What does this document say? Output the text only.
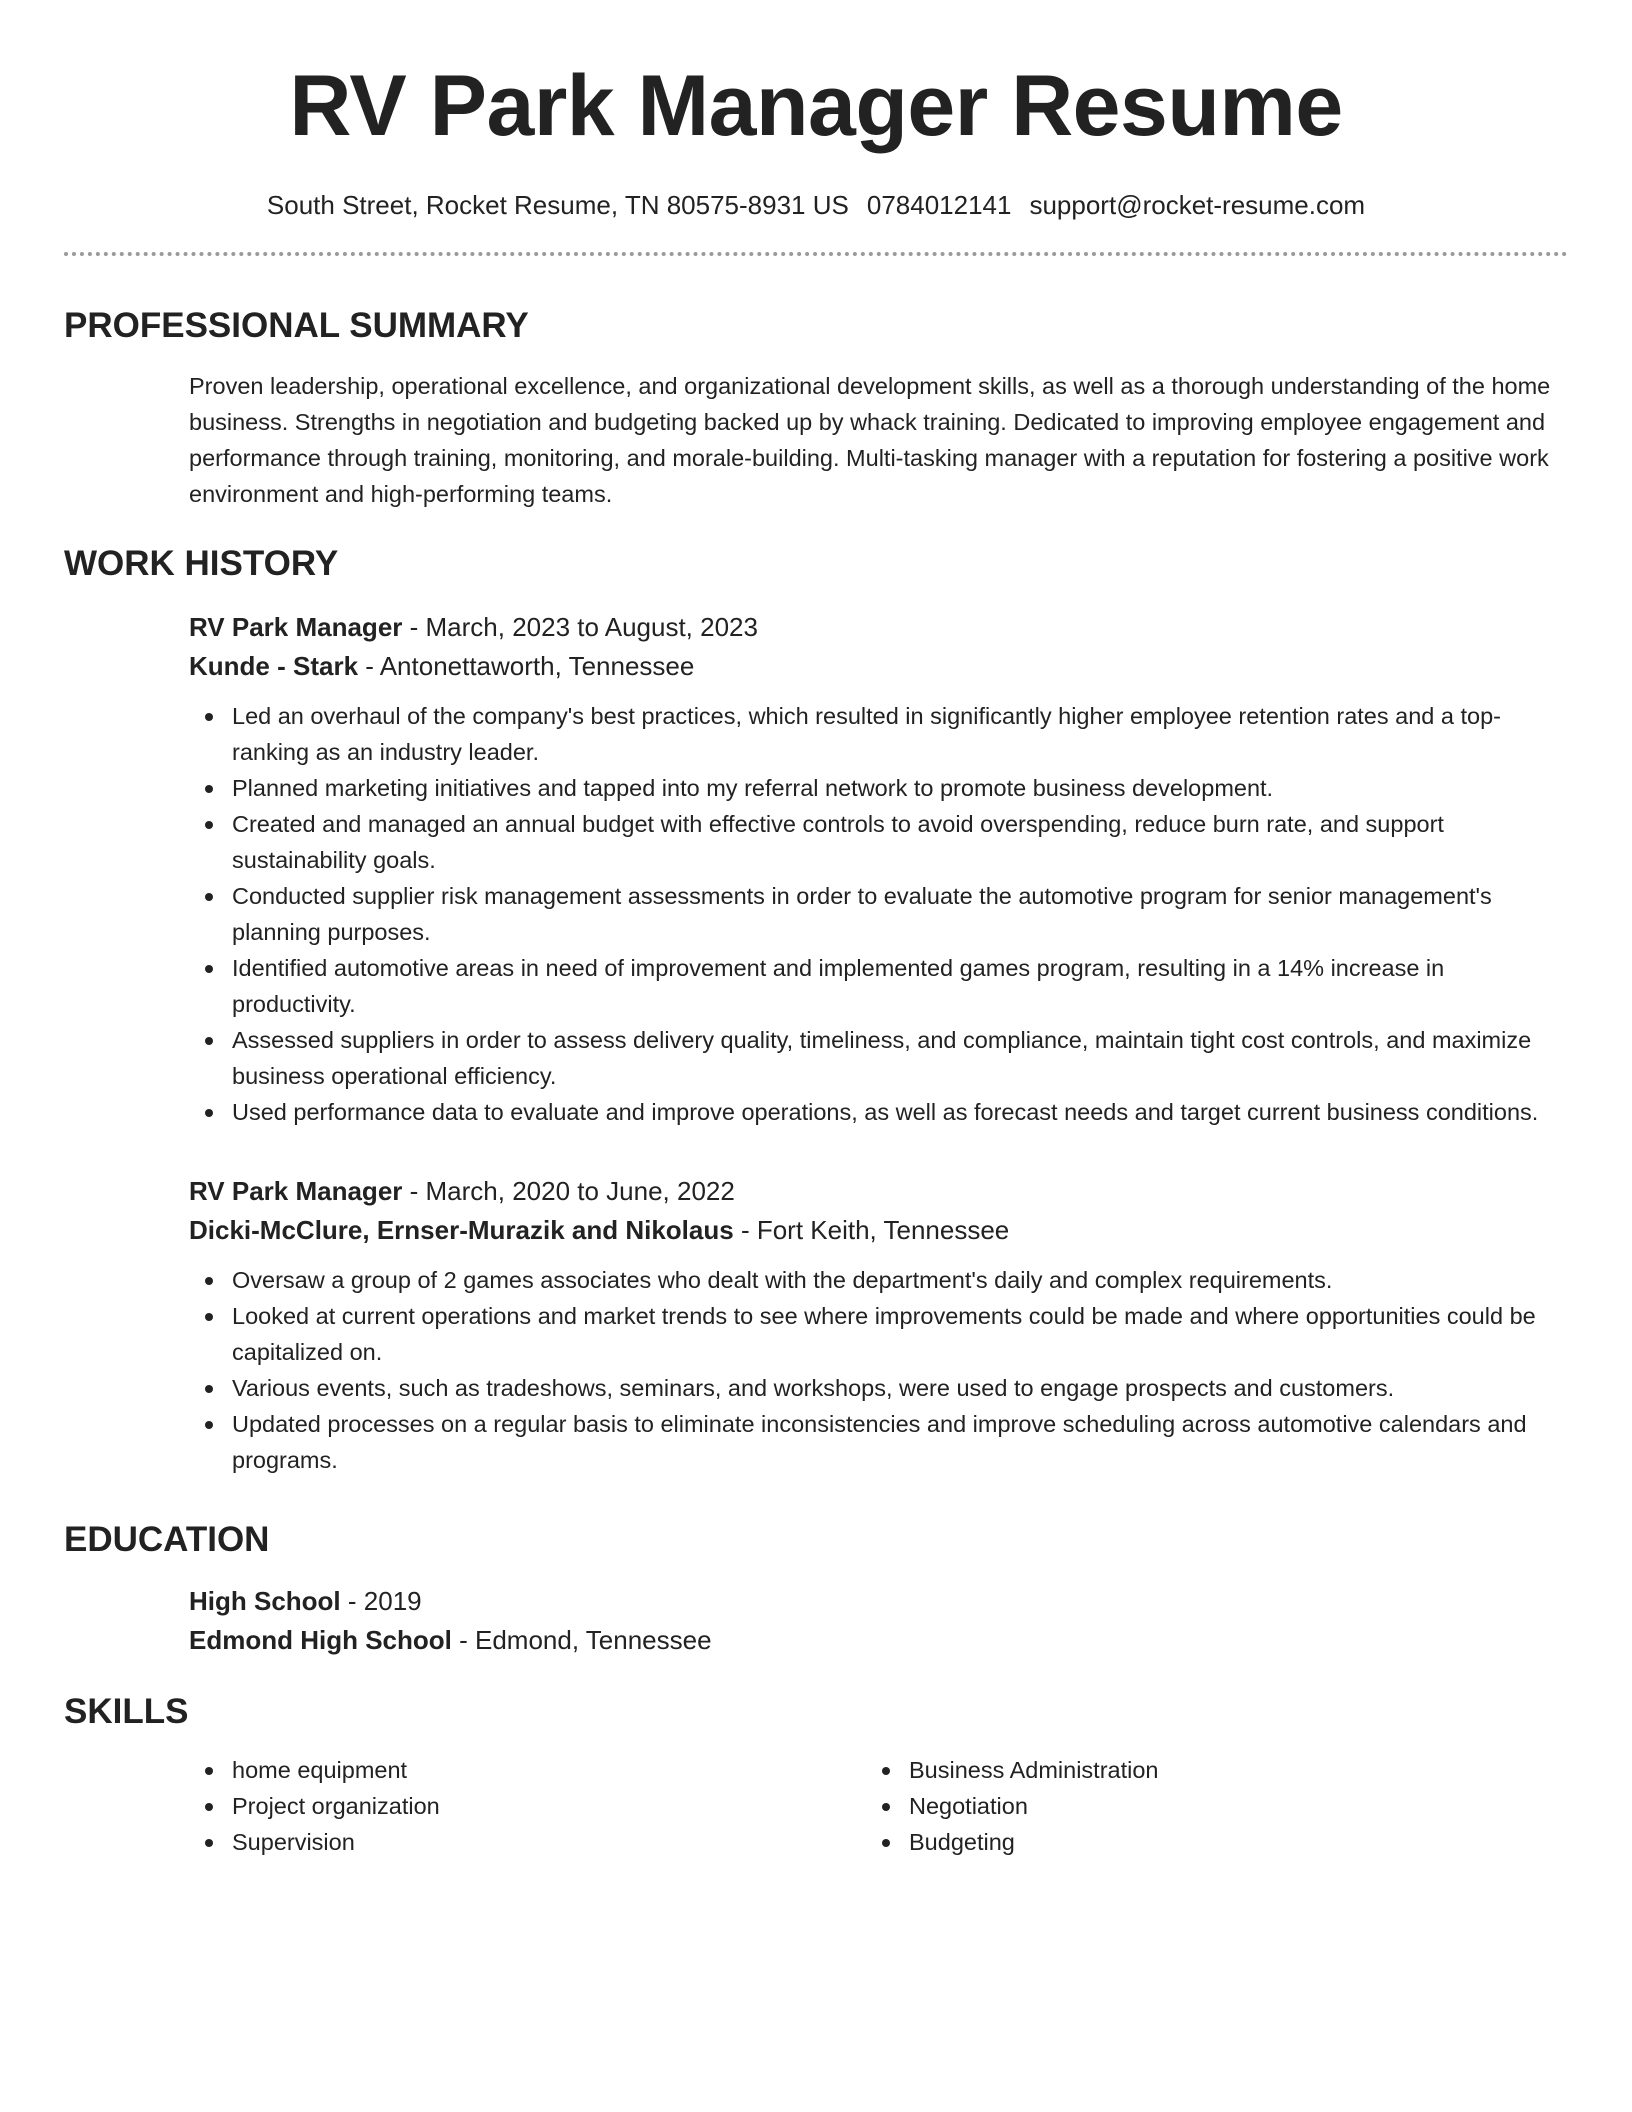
RV Park Manager Resume
South Street, Rocket Resume, TN 80575-8931 US 0784012141 support@rocket-resume.com
PROFESSIONAL SUMMARY
Proven leadership, operational excellence, and organizational development skills, as well as a thorough understanding of the home business. Strengths in negotiation and budgeting backed up by whack training. Dedicated to improving employee engagement and performance through training, monitoring, and morale-building. Multi-tasking manager with a reputation for fostering a positive work environment and high-performing teams.
WORK HISTORY
RV Park Manager - March, 2023 to August, 2023
Kunde - Stark - Antonettaworth, Tennessee
Led an overhaul of the company's best practices, which resulted in significantly higher employee retention rates and a top-ranking as an industry leader.
Planned marketing initiatives and tapped into my referral network to promote business development.
Created and managed an annual budget with effective controls to avoid overspending, reduce burn rate, and support sustainability goals.
Conducted supplier risk management assessments in order to evaluate the automotive program for senior management's planning purposes.
Identified automotive areas in need of improvement and implemented games program, resulting in a 14% increase in productivity.
Assessed suppliers in order to assess delivery quality, timeliness, and compliance, maintain tight cost controls, and maximize business operational efficiency.
Used performance data to evaluate and improve operations, as well as forecast needs and target current business conditions.
RV Park Manager - March, 2020 to June, 2022
Dicki-McClure, Ernser-Murazik and Nikolaus - Fort Keith, Tennessee
Oversaw a group of 2 games associates who dealt with the department's daily and complex requirements.
Looked at current operations and market trends to see where improvements could be made and where opportunities could be capitalized on.
Various events, such as tradeshows, seminars, and workshops, were used to engage prospects and customers.
Updated processes on a regular basis to eliminate inconsistencies and improve scheduling across automotive calendars and programs.
EDUCATION
High School - 2019
Edmond High School - Edmond, Tennessee
SKILLS
home equipment
Project organization
Supervision
Business Administration
Negotiation
Budgeting
